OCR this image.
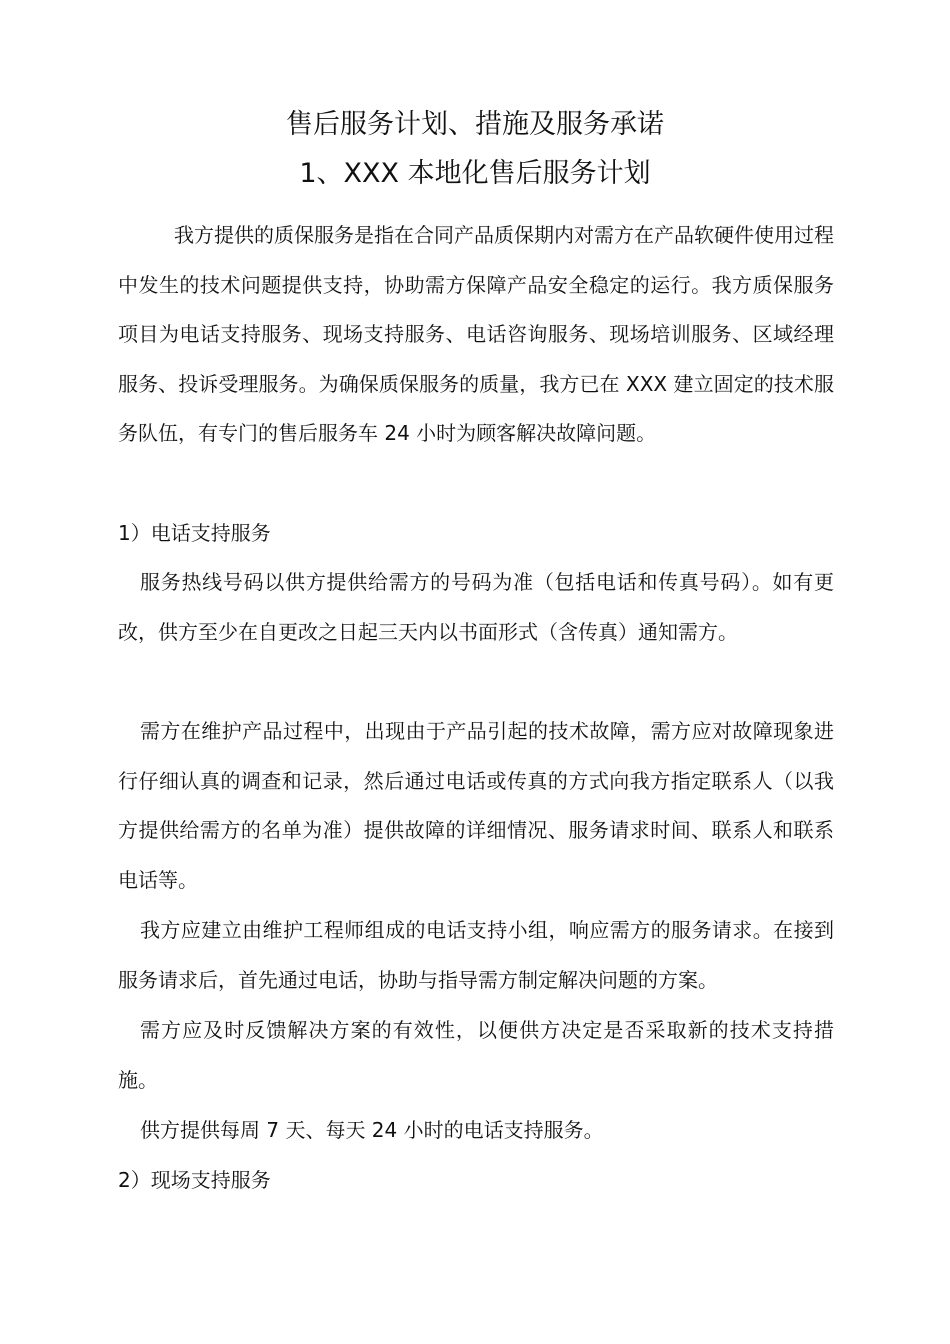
售后服务计划、措施及服务承诺
1、XXX 本地化售后服务计划

我方提供的质保服务是指在合同产品质保期内对需方在产品软硬件使用过程中发生的技术问题提供支持，协助需方保障产品安全稳定的运行。我方质保服务项目为电话支持服务、现场支持服务、电话咨询服务、现场培训服务、区域经理服务、投诉受理服务。为确保质保服务的质量，我方已在 XXX 建立固定的技术服务队伍，有专门的售后服务车 24 小时为顾客解决故障问题。

1）电话支持服务

服务热线号码以供方提供给需方的号码为准（包括电话和传真号码）。如有更改，供方至少在自更改之日起三天内以书面形式（含传真）通知需方。

需方在维护产品过程中，出现由于产品引起的技术故障，需方应对故障现象进行仔细认真的调查和记录，然后通过电话或传真的方式向我方指定联系人（以我方提供给需方的名单为准）提供故障的详细情况、服务请求时间、联系人和联系电话等。

我方应建立由维护工程师组成的电话支持小组，响应需方的服务请求。在接到服务请求后，首先通过电话，协助与指导需方制定解决问题的方案。

需方应及时反馈解决方案的有效性，以便供方决定是否采取新的技术支持措施。

供方提供每周 7 天、每天 24 小时的电话支持服务。

2）现场支持服务
